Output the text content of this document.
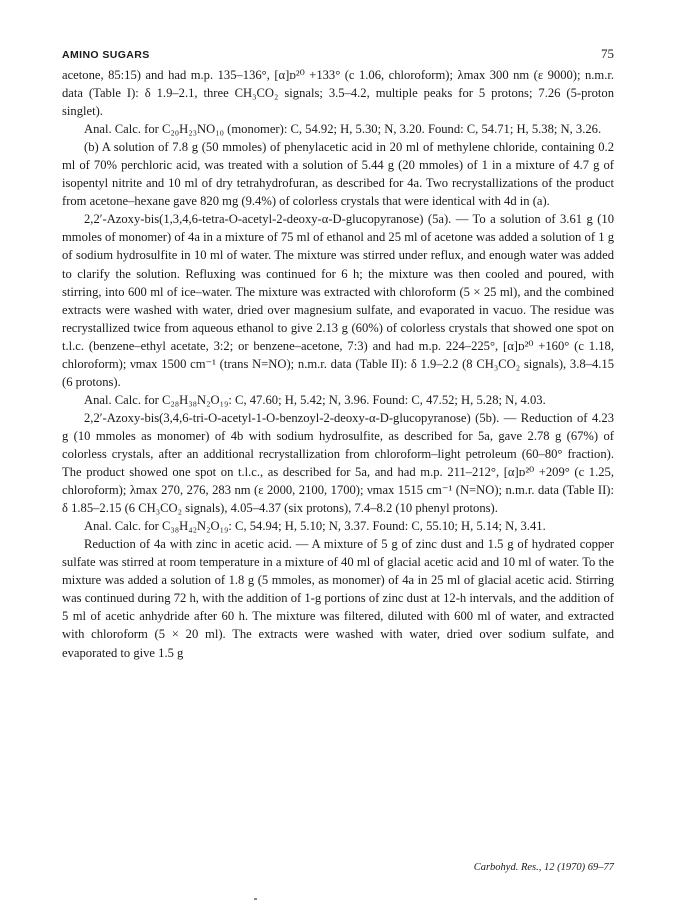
AMINO SUGARS	75

acetone, 85:15) and had m.p. 135–136°, [α]ᴅ²⁰ +133° (c 1.06, chloroform); λmax 300 nm (ε 9000); n.m.r. data (Table I): δ 1.9–2.1, three CH₃CO₂ signals; 3.5–4.2, multiple peaks for 5 protons; 7.26 (5-proton singlet).

Anal. Calc. for C₂₀H₂₃NO₁₀ (monomer): C, 54.92; H, 5.30; N, 3.20. Found: C, 54.71; H, 5.38; N, 3.26.

(b) A solution of 7.8 g (50 mmoles) of phenylacetic acid in 20 ml of methylene chloride, containing 0.2 ml of 70% perchloric acid, was treated with a solution of 5.44 g (20 mmoles) of 1 in a mixture of 4.7 g of isopentyl nitrite and 10 ml of dry tetrahydrofuran, as described for 4a. Two recrystallizations of the product from acetone–hexane gave 820 mg (9.4%) of colorless crystals that were identical with 4d in (a).

2,2′-Azoxy-bis(1,3,4,6-tetra-O-acetyl-2-deoxy-α-D-glucopyranose) (5a). — To a solution of 3.61 g (10 mmoles of monomer) of 4a in a mixture of 75 ml of ethanol and 25 ml of acetone was added a solution of 1 g of sodium hydrosulfite in 10 ml of water. The mixture was stirred under reflux, and enough water was added to clarify the solution. Refluxing was continued for 6 h; the mixture was then cooled and poured, with stirring, into 600 ml of ice–water. The mixture was extracted with chloroform (5 × 25 ml), and the combined extracts were washed with water, dried over magnesium sulfate, and evaporated in vacuo. The residue was recrystallized twice from aqueous ethanol to give 2.13 g (60%) of colorless crystals that showed one spot on t.l.c. (benzene–ethyl acetate, 3:2; or benzene–acetone, 7:3) and had m.p. 224–225°, [α]ᴅ²⁰ +160° (c 1.18, chloroform); νmax 1500 cm⁻¹ (trans N=NO); n.m.r. data (Table II): δ 1.9–2.2 (8 CH₃CO₂ signals), 3.8–4.15 (6 protons).

Anal. Calc. for C₂₈H₃₈N₂O₁₉: C, 47.60; H, 5.42; N, 3.96. Found: C, 47.52; H, 5.28; N, 4.03.

2,2′-Azoxy-bis(3,4,6-tri-O-acetyl-1-O-benzoyl-2-deoxy-α-D-glucopyranose) (5b). — Reduction of 4.23 g (10 mmoles as monomer) of 4b with sodium hydrosulfite, as described for 5a, gave 2.78 g (67%) of colorless crystals, after an additional recrystallization from chloroform–light petroleum (60–80° fraction). The product showed one spot on t.l.c., as described for 5a, and had m.p. 211–212°, [α]ᴅ²⁰ +209° (c 1.25, chloroform); λmax 270, 276, 283 nm (ε 2000, 2100, 1700); νmax 1515 cm⁻¹ (N=NO); n.m.r. data (Table II): δ 1.85–2.15 (6 CH₃CO₂ signals), 4.05–4.37 (six protons), 7.4–8.2 (10 phenyl protons).

Anal. Calc. for C₃₈H₄₂N₂O₁₉: C, 54.94; H, 5.10; N, 3.37. Found: C, 55.10; H, 5.14; N, 3.41.

Reduction of 4a with zinc in acetic acid. — A mixture of 5 g of zinc dust and 1.5 g of hydrated copper sulfate was stirred at room temperature in a mixture of 40 ml of glacial acetic acid and 10 ml of water. To the mixture was added a solution of 1.8 g (5 mmoles, as monomer) of 4a in 25 ml of glacial acetic acid. Stirring was continued during 72 h, with the addition of 1-g portions of zinc dust at 12-h intervals, and the addition of 5 ml of acetic anhydride after 60 h. The mixture was filtered, diluted with 600 ml of water, and extracted with chloroform (5 × 20 ml). The extracts were washed with water, dried over sodium sulfate, and evaporated to give 1.5 g

Carbohyd. Res., 12 (1970) 69–77
